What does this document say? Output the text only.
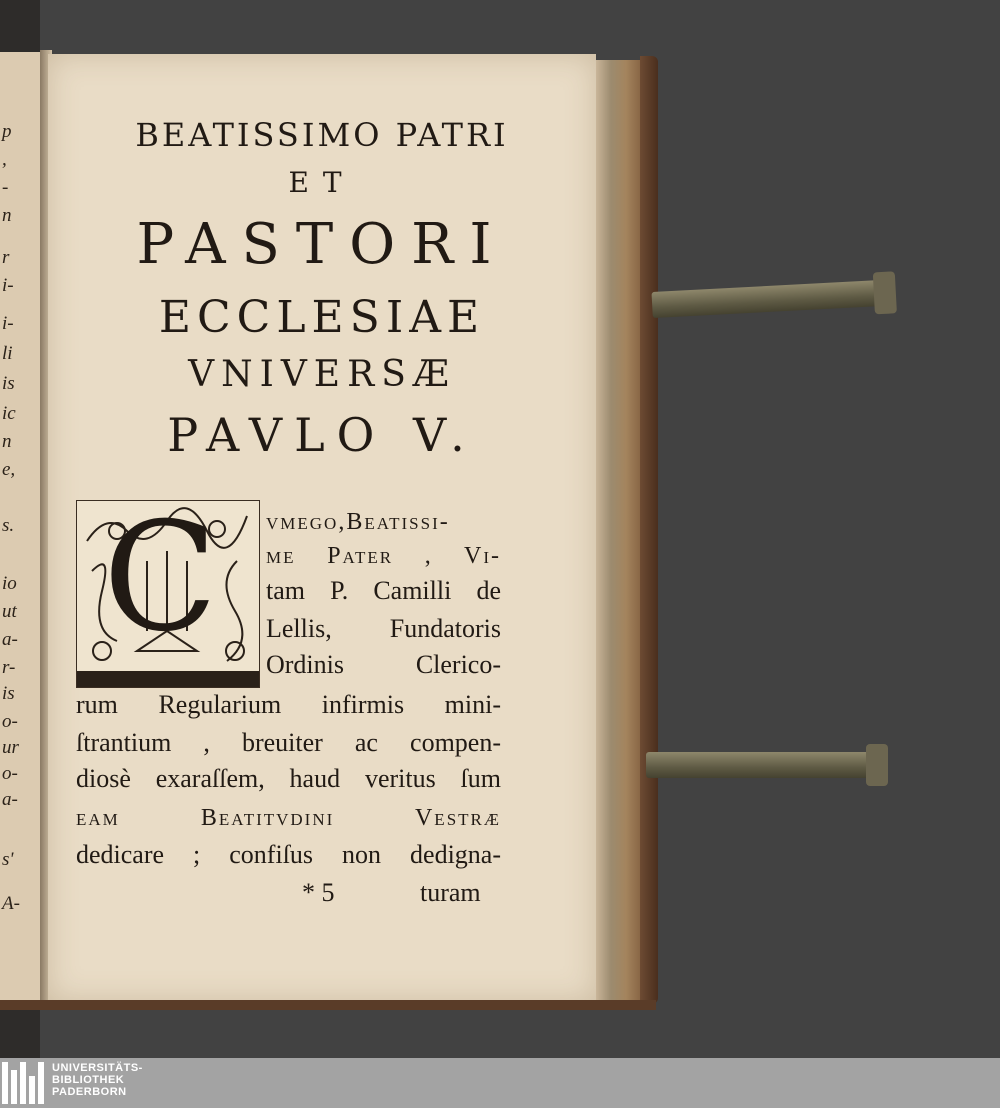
p
,
-
n
r
i-
i-
li
is
ic
n
e,
s.
io
ut
a-
r-
is
o-
ur
o-
a-
s'
A-
BEATISSIMO PATRI
ET
PASTORI
ECCLESIAE
VNIVERSÆ
PAVLO V.
C vmego,Beatissi-
me Pater , Vi-
tam P. Camilli de
Lellis, Fundatoris
Ordinis Clerico-
rum Regularium infirmis mini-
ſtrantium , breuiter ac compen-
diosè exaraſſem, haud veritus ſum
eam Beatitvdini Vestræ
dedicare ; confiſus non dedigna-
* 5	turam
UNIVERSITÄTS-
BIBLIOTHEK
PADERBORN
